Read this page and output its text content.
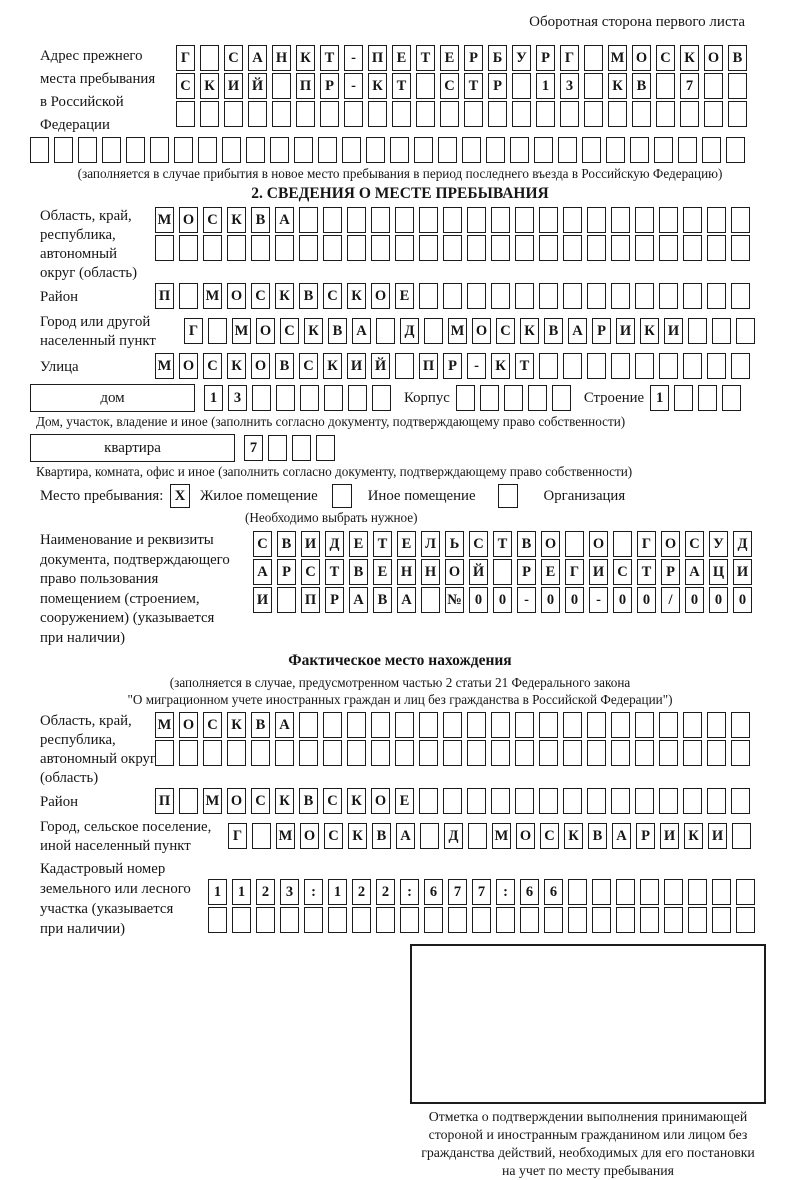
Оборотная сторона первого листа
Адрес прежнего
места пребывания
в Российской
Федерации
Г	С А Н К Т	-	П Е Т Е	Р	Б У Р	Г	М О С К О В
С К И Й	П Р	-	К Т	С Т	Р	1	3	К В	7
(заполняется в случае прибытия в новое место пребывания в период последнего въезда в Российскую Федерацию)
2. СВЕДЕНИЯ О МЕСТЕ ПРЕБЫВАНИЯ
Область, край,
республика,
автономный
округ (область)
М О С К В А
Район	П М О С К В С К О Е
Город или другой
населенный пункт
Г	М О С К В А	Д	М О С К В А Р И К И
Улица	М О С К О В С К И Й	П Р	-	К Т
дом	1	3	Корпус	Строение 1
Дом, участок, владение и иное (заполнить согласно документу, подтверждающему право собственности)
квартира	7
Квартира, комната, офис и иное (заполнить согласно документу, подтверждающему право собственности)
Место пребывания: X Жилое помещение	Иное помещение	Организация
(Необходимо выбрать нужное)
Наименование и реквизиты
документа, подтверждающего
право пользования
помещением (строением,
сооружением) (указывается
при наличии)
С В И Д Е Т Е Л Ь С Т В О	О	Г О С У Д
А Р С Т В Е Н Н О Й	Р	Е	Г И С Т	Р А Ц И
И	П Р А В А № 0	0	-	0	0	-	0	0	/	0	0	0
Фактическое место нахождения
(заполняется в случае, предусмотренном частью 2 статьи 21 Федерального закона
"О миграционном учете иностранных граждан и лиц без гражданства в Российской Федерации")
Область, край,
республика,
автономный округ
(область)
М О С К В А
Район	П М О С К В С К О Е
Город, сельское поселение,
иной населенный пункт
Г	М О С К В А	Д	М О С К В А Р И К И
Кадастровый номер
земельного или лесного
участка (указывается
при наличии)
1	1	2	3	:	1	2	2	:	6	7	7	:	6	6
Отметка о подтверждении выполнения принимающей
стороной и иностранным гражданином или лицом без
гражданства действий, необходимых для его постановки
на учет по месту пребывания
